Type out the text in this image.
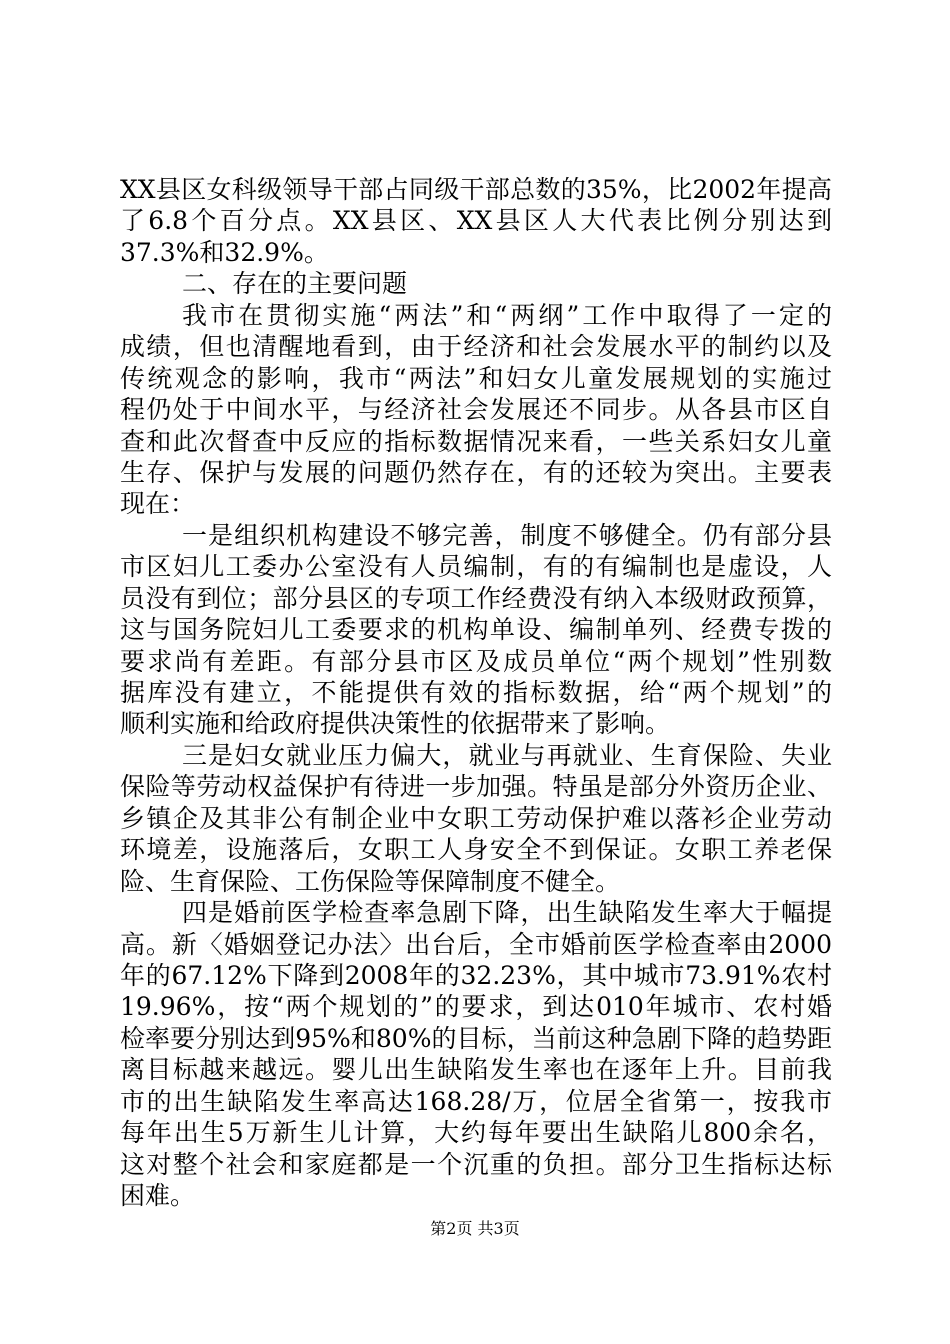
XX县区女科级领导干部占同级干部总数的35%，比2002年提高
了6.8个百分点。XX县区、XX县区人大代表比例分别达到
37.3%和32.9%。
二、存在的主要问题
我市在贯彻实施“两法”和“两纲”工作中取得了一定的
成绩，但也清醒地看到，由于经济和社会发展水平的制约以及
传统观念的影响，我市“两法”和妇女儿童发展规划的实施过
程仍处于中间水平，与经济社会发展还不同步。从各县市区自
查和此次督查中反应的指标数据情况来看，一些关系妇女儿童
生存、保护与发展的问题仍然存在，有的还较为突出。主要表
现在：
一是组织机构建设不够完善，制度不够健全。仍有部分县
市区妇儿工委办公室没有人员编制，有的有编制也是虚设，人
员没有到位；部分县区的专项工作经费没有纳入本级财政预算，
这与国务院妇儿工委要求的机构单设、编制单列、经费专拨的
要求尚有差距。有部分县市区及成员单位“两个规划”性别数
据库没有建立，不能提供有效的指标数据，给“两个规划”的
顺利实施和给政府提供决策性的依据带来了影响。
三是妇女就业压力偏大，就业与再就业、生育保险、失业
保险等劳动权益保护有待进一步加强。特虽是部分外资历企业、
乡镇企及其非公有制企业中女职工劳动保护难以落衫企业劳动
环境差，设施落后，女职工人身安全不到保证。女职工养老保
险、生育保险、工伤保险等保障制度不健全。
四是婚前医学检查率急剧下降，出生缺陷发生率大于幅提
高。新〈婚姻登记办法〉出台后，全市婚前医学检查率由2000
年的67.12%下降到2008年的32.23%，其中城市73.91%农村
19.96%，按“两个规划的”的要求，到达010年城市、农村婚
检率要分别达到95%和80%的目标，当前这种急剧下降的趋势距
离目标越来越远。婴儿出生缺陷发生率也在逐年上升。目前我
市的出生缺陷发生率高达168.28/万，位居全省第一，按我市
每年出生5万新生儿计算，大约每年要出生缺陷儿800余名，
这对整个社会和家庭都是一个沉重的负担。部分卫生指标达标
困难。
第2页 共3页
